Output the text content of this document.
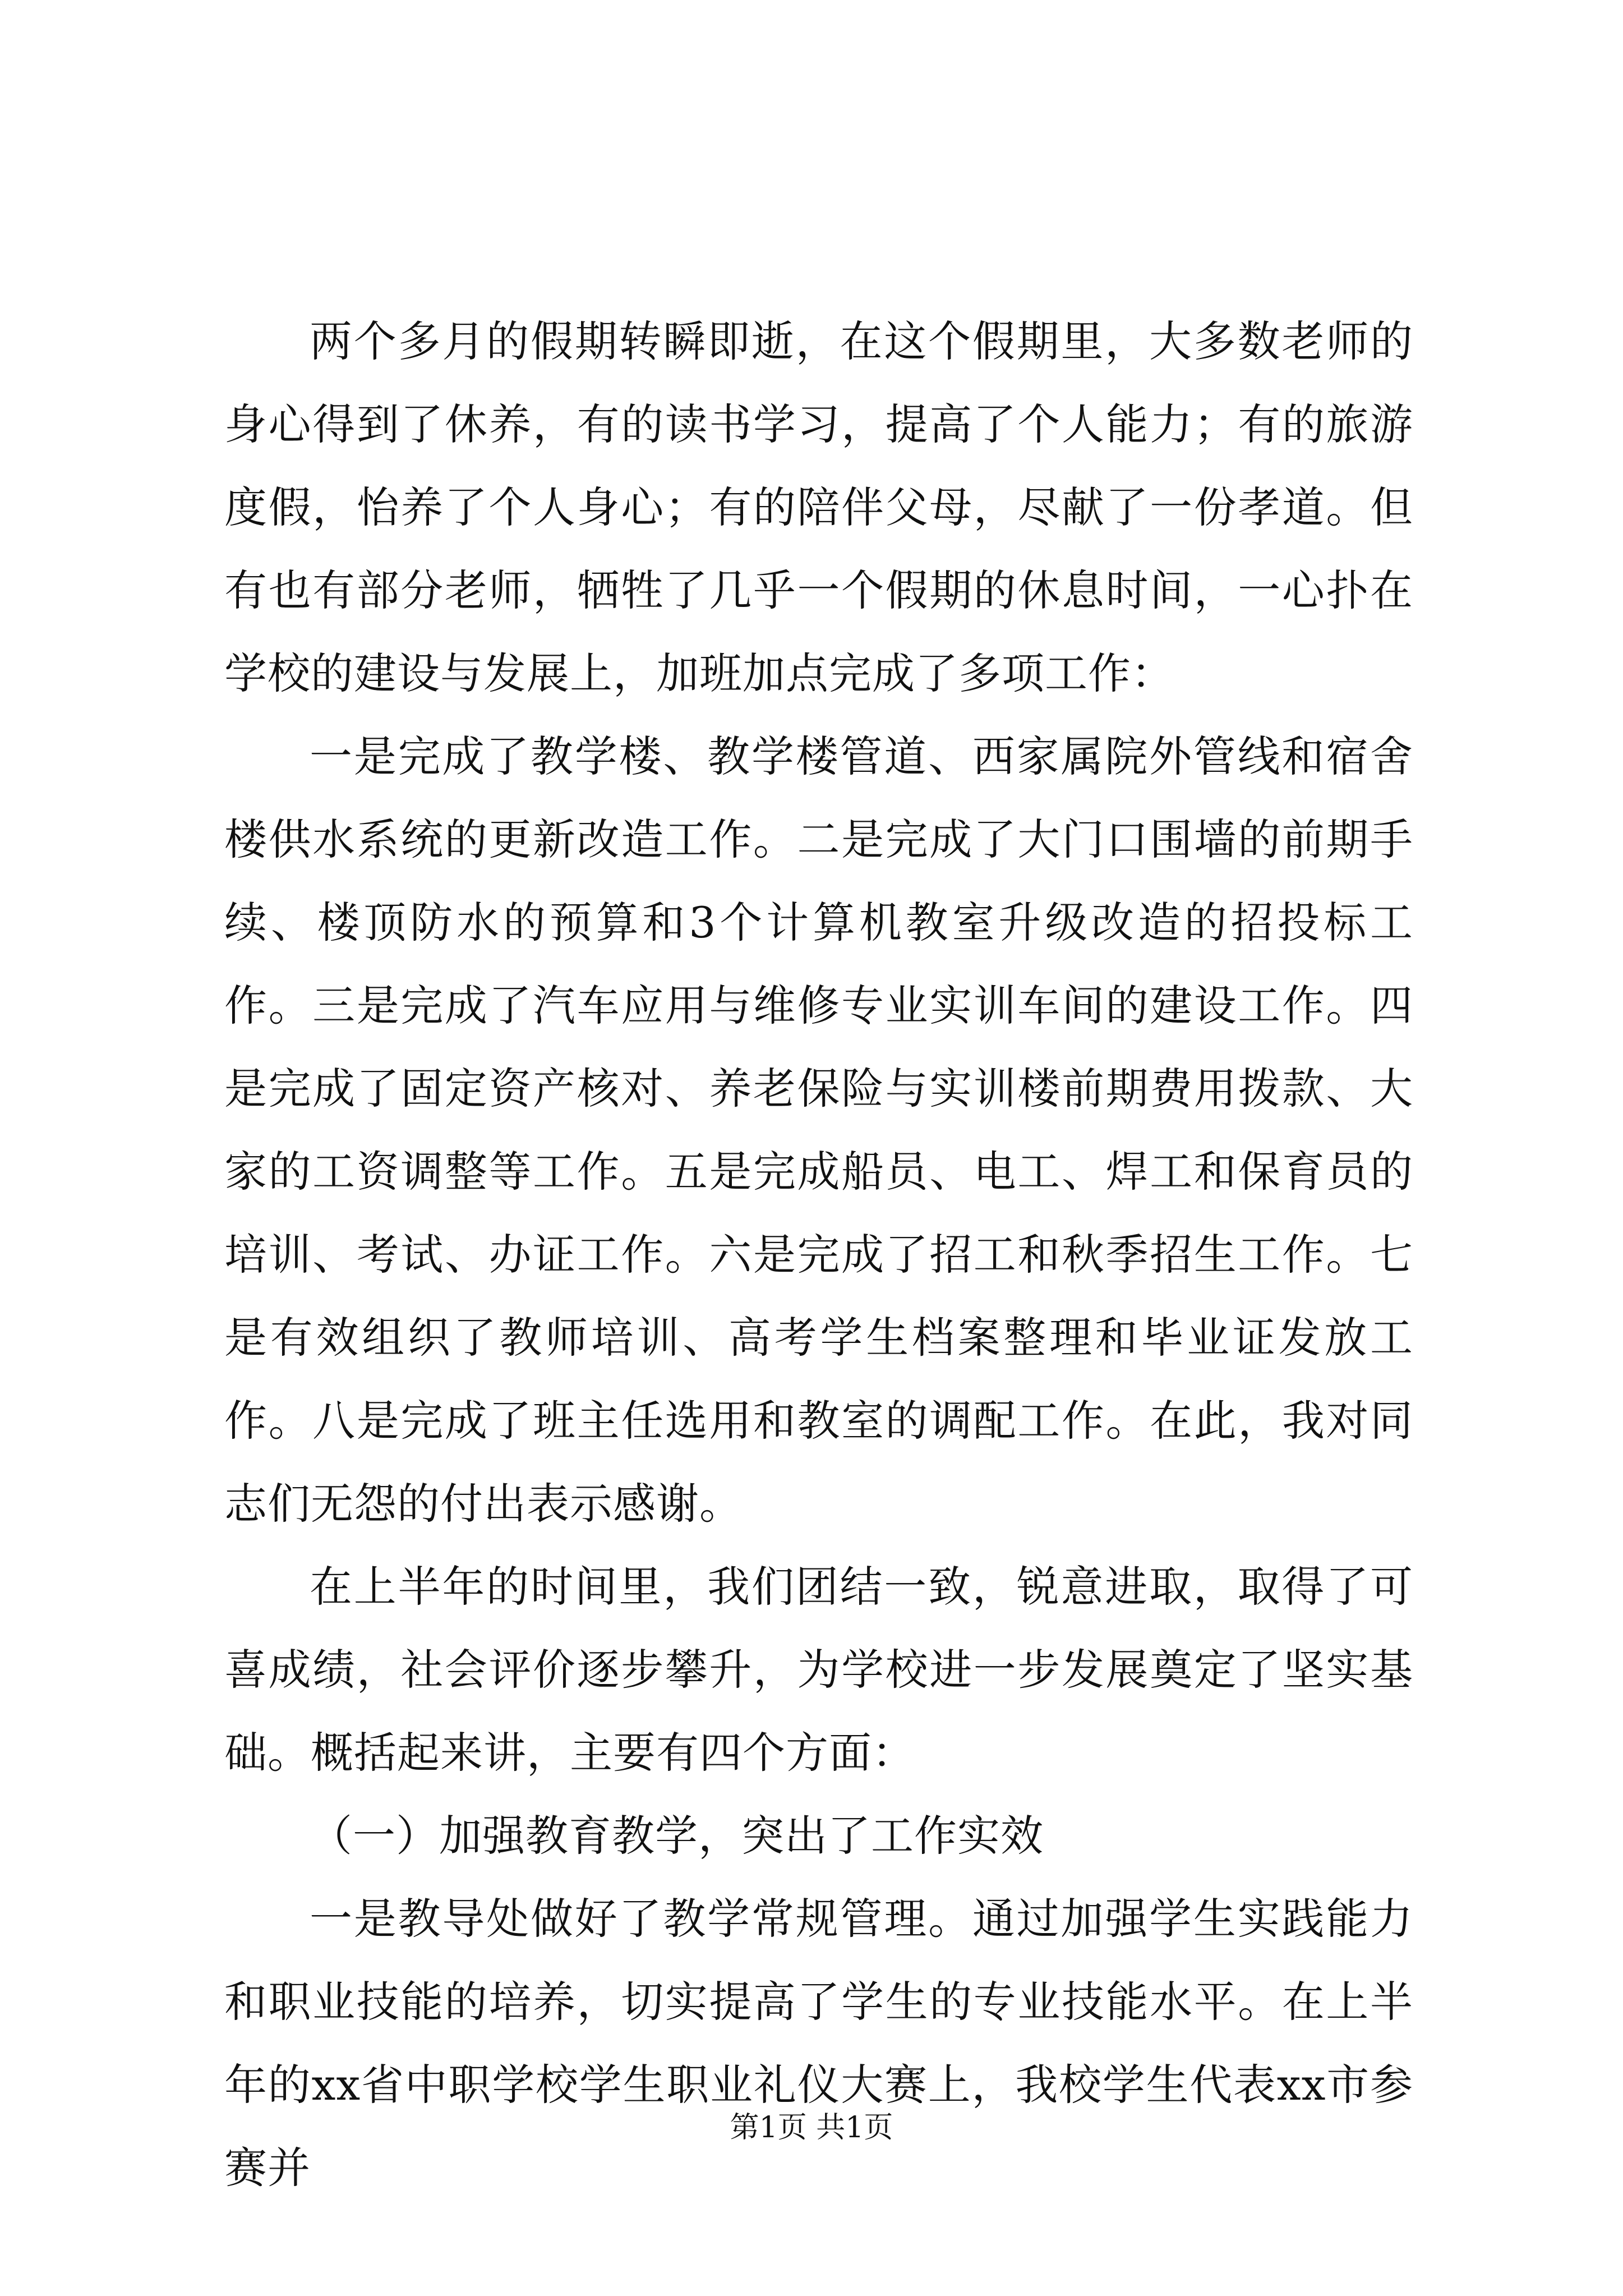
两个多月的假期转瞬即逝，在这个假期里，大多数老师的身心得到了休养，有的读书学习，提高了个人能力；有的旅游度假，怡养了个人身心；有的陪伴父母，尽献了一份孝道。但有也有部分老师，牺牲了几乎一个假期的休息时间，一心扑在学校的建设与发展上，加班加点完成了多项工作：

一是完成了教学楼、教学楼管道、西家属院外管线和宿舍楼供水系统的更新改造工作。二是完成了大门口围墙的前期手续、楼顶防水的预算和3个计算机教室升级改造的招投标工作。三是完成了汽车应用与维修专业实训车间的建设工作。四是完成了固定资产核对、养老保险与实训楼前期费用拨款、大家的工资调整等工作。五是完成船员、电工、焊工和保育员的培训、考试、办证工作。六是完成了招工和秋季招生工作。七是有效组织了教师培训、高考学生档案整理和毕业证发放工作。八是完成了班主任选用和教室的调配工作。在此，我对同志们无怨的付出表示感谢。

在上半年的时间里，我们团结一致，锐意进取，取得了可喜成绩，社会评价逐步攀升，为学校进一步发展奠定了坚实基础。概括起来讲，主要有四个方面：

（一）加强教育教学，突出了工作实效

一是教导处做好了教学常规管理。通过加强学生实践能力和职业技能的培养，切实提高了学生的专业技能水平。在上半年的xx省中职学校学生职业礼仪大赛上，我校学生代表xx市参赛并

第1页 共1页
